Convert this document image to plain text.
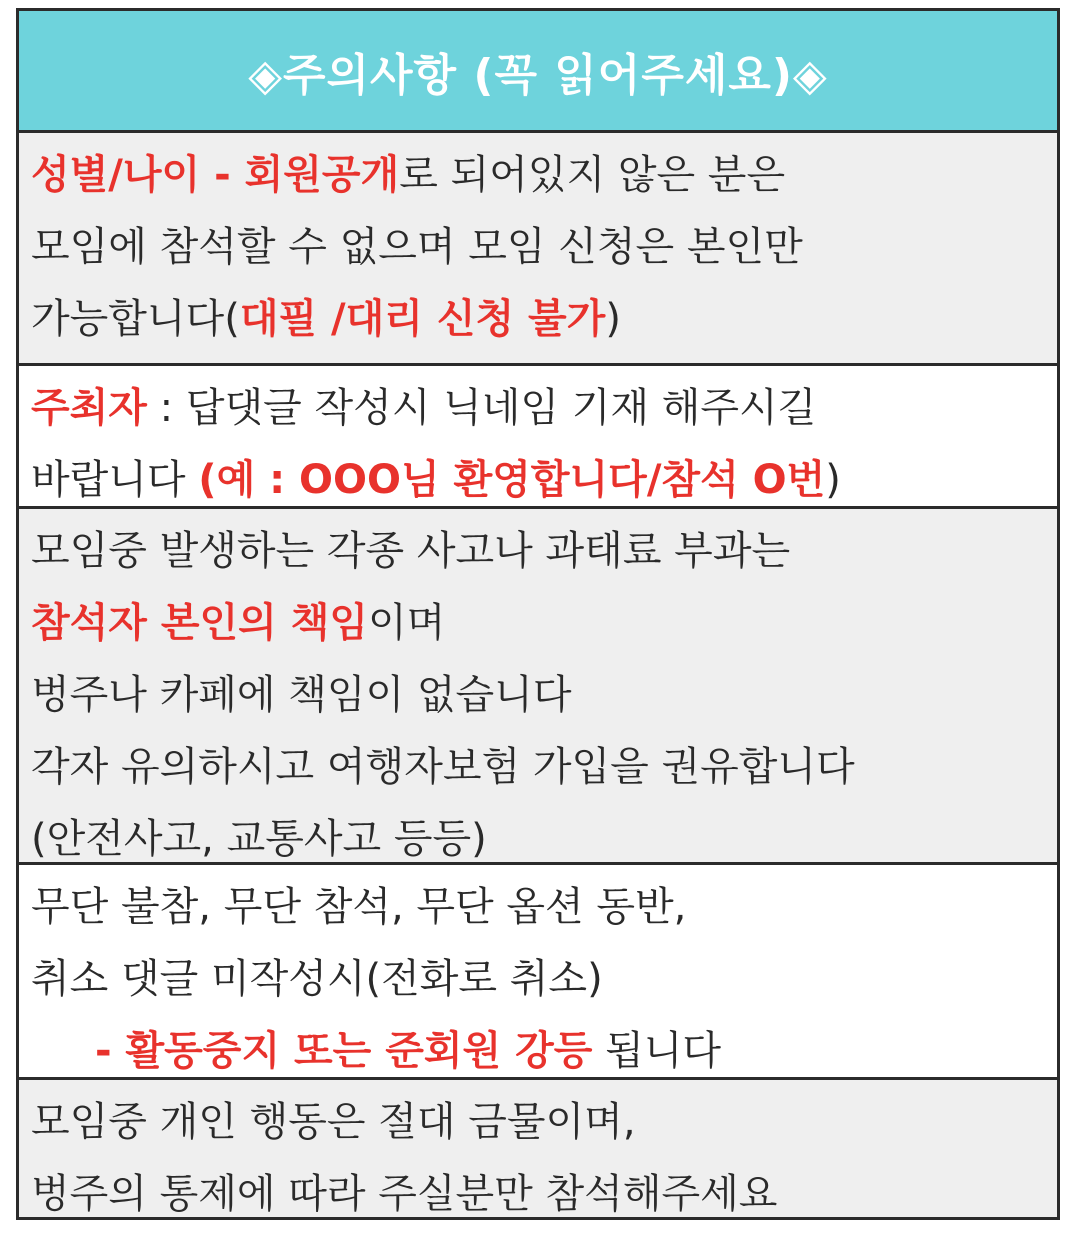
◈주의사항 (꼭 읽어주세요)◈
성별/나이 - 회원공개로 되어있지 않은 분은
모임에 참석할 수 없으며 모임 신청은 본인만
가능합니다(대필 /대리 신청 불가)
주최자 : 답댓글 작성시 닉네임 기재 해주시길
바랍니다 (예 : OOO님 환영합니다/참석 O번)
모임중 발생하는 각종 사고나 과태료 부과는
참석자 본인의 책임이며
벙주나 카페에 책임이 없습니다
각자 유의하시고 여행자보험 가입을 권유합니다
(안전사고, 교통사고 등등)
무단 불참, 무단 참석, 무단 옵션 동반,
취소 댓글 미작성시(전화로 취소)
- 활동중지 또는 준회원 강등 됩니다
모임중 개인 행동은 절대 금물이며,
벙주의 통제에 따라 주실분만 참석해주세요
